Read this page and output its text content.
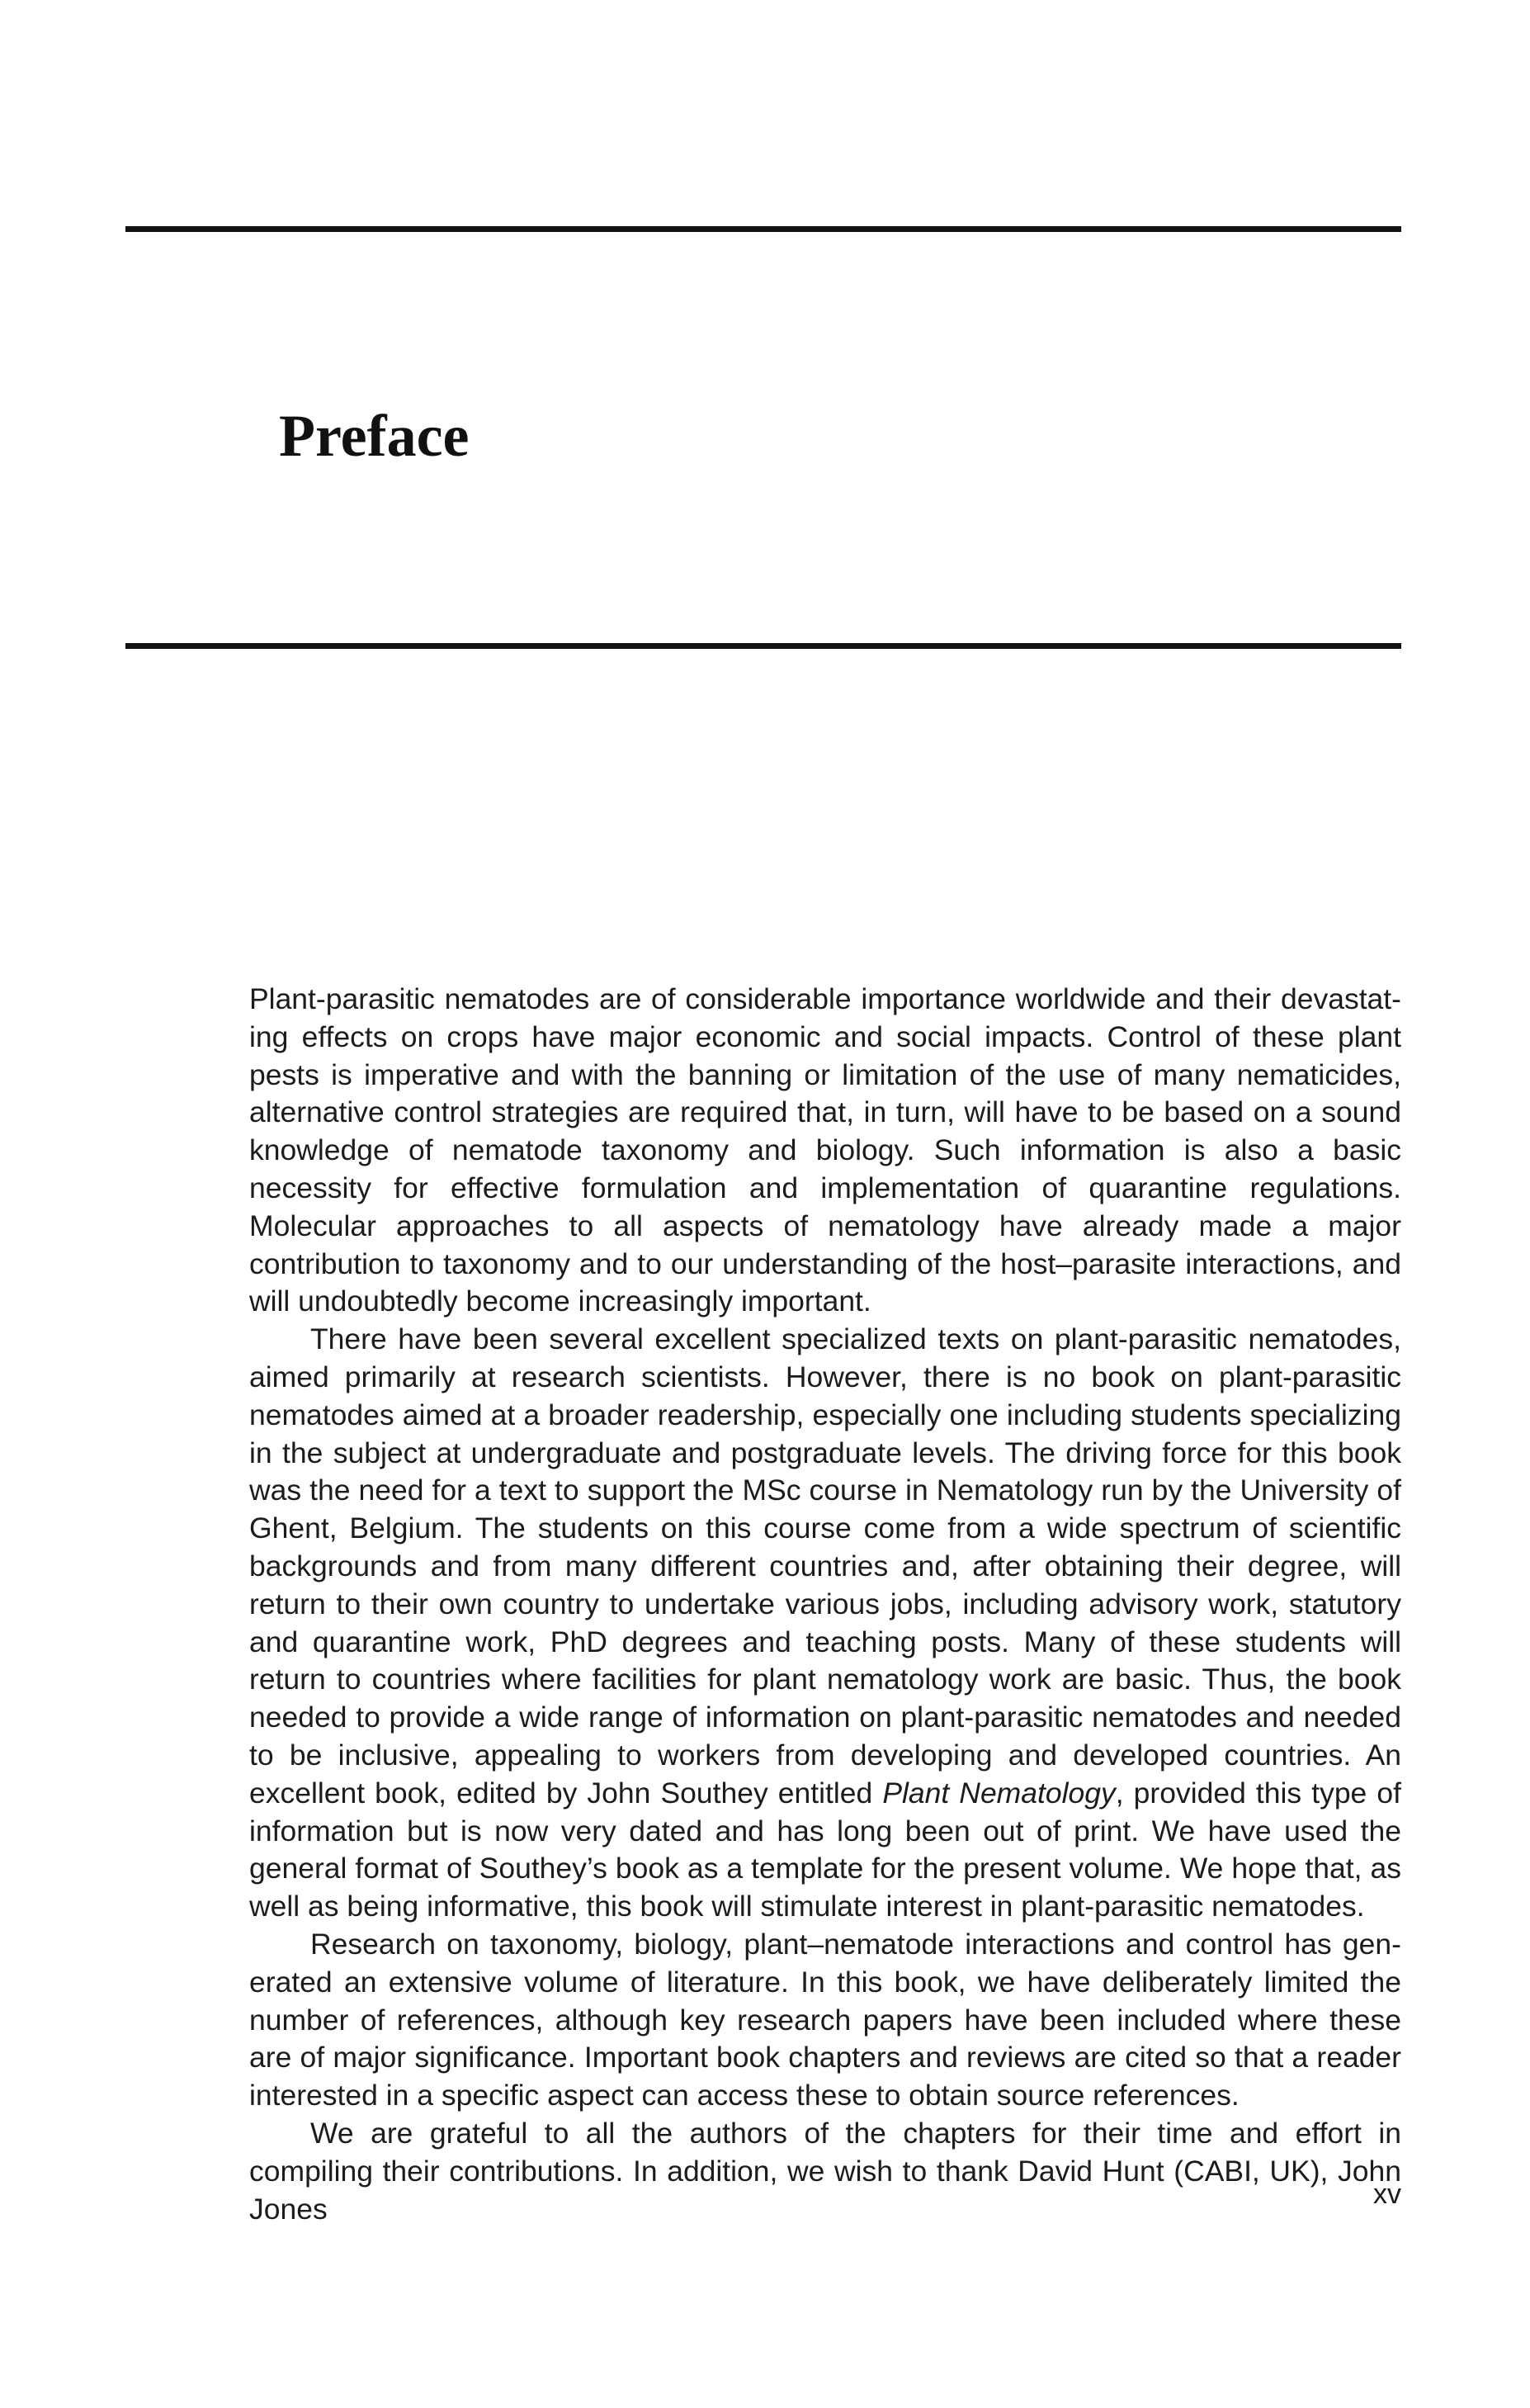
Preface

Plant-parasitic nematodes are of considerable importance worldwide and their devastating effects on crops have major economic and social impacts. Control of these plant pests is imperative and with the banning or limitation of the use of many nematicides, alternative control strategies are required that, in turn, will have to be based on a sound knowledge of nematode taxonomy and biology. Such information is also a basic necessity for effective formulation and implementation of quarantine regulations. Molecular approaches to all aspects of nematology have already made a major contribution to taxonomy and to our understanding of the host–parasite interactions, and will undoubtedly become increasingly important.

There have been several excellent specialized texts on plant-parasitic nematodes, aimed primarily at research scientists. However, there is no book on plant-parasitic nematodes aimed at a broader readership, especially one including students specializing in the subject at undergraduate and postgraduate levels. The driving force for this book was the need for a text to support the MSc course in Nematology run by the University of Ghent, Belgium. The students on this course come from a wide spectrum of scientific backgrounds and from many different countries and, after obtaining their degree, will return to their own country to undertake various jobs, including advisory work, statutory and quarantine work, PhD degrees and teaching posts. Many of these students will return to countries where facilities for plant nematology work are basic. Thus, the book needed to provide a wide range of information on plant-parasitic nematodes and needed to be inclusive, appealing to workers from developing and developed countries. An excellent book, edited by John Southey entitled Plant Nematology, provided this type of information but is now very dated and has long been out of print. We have used the general format of Southey’s book as a template for the present volume. We hope that, as well as being informative, this book will stimulate interest in plant-parasitic nematodes.

Research on taxonomy, biology, plant–nematode interactions and control has generated an extensive volume of literature. In this book, we have deliberately limited the number of references, although key research papers have been included where these are of major significance. Important book chapters and reviews are cited so that a reader interested in a specific aspect can access these to obtain source references.

We are grateful to all the authors of the chapters for their time and effort in compiling their contributions. In addition, we wish to thank David Hunt (CABI, UK), John Jones	xv
